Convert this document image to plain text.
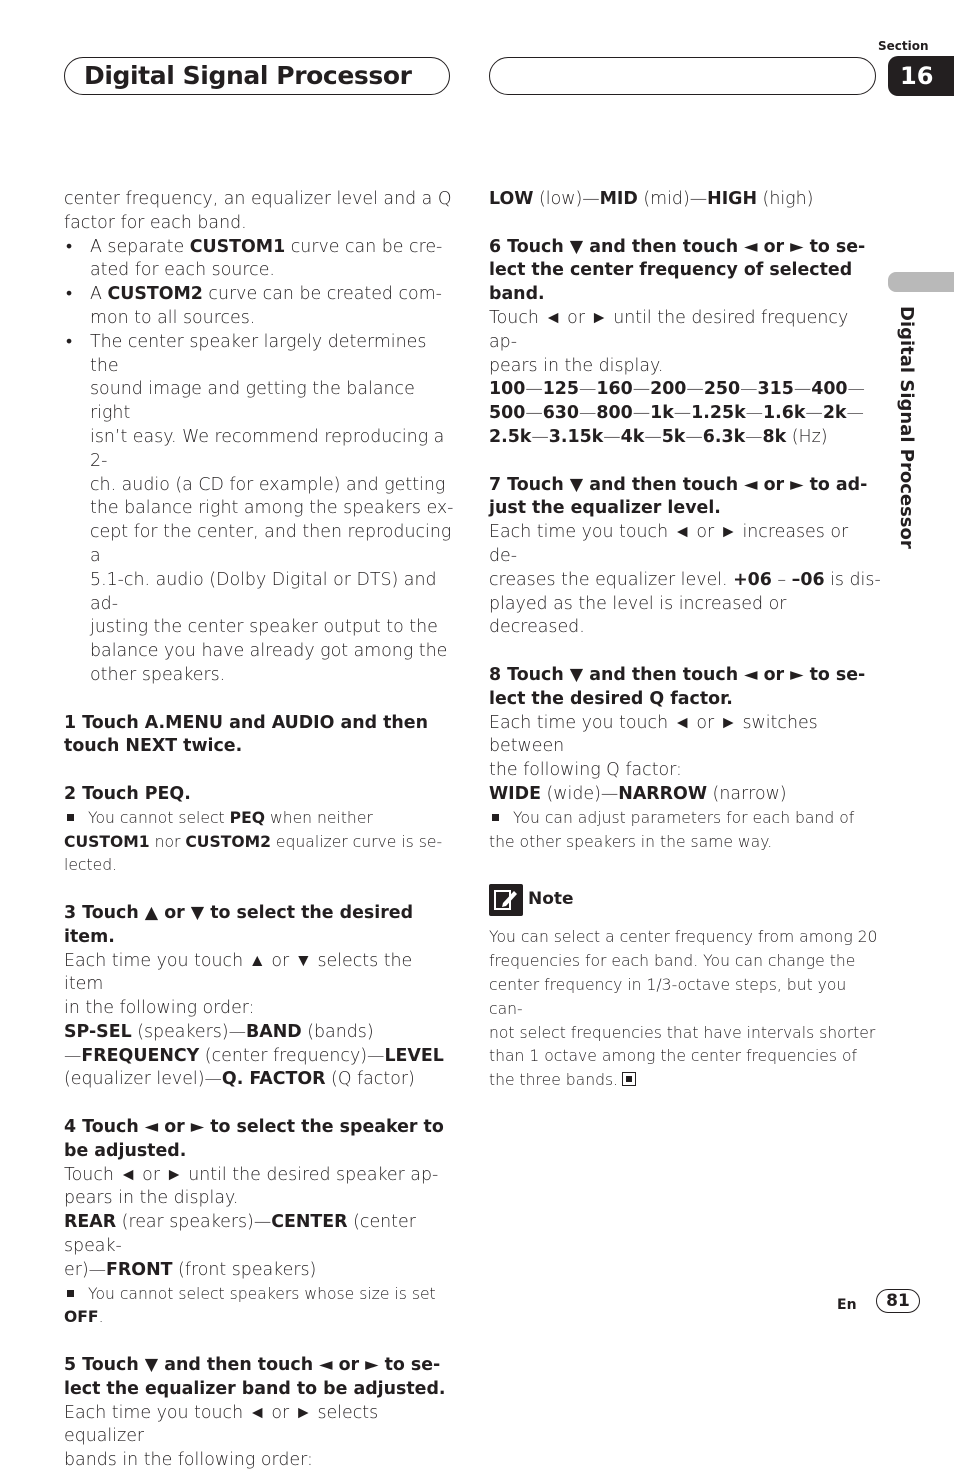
Digital Signal Processor
Section
16
Digital Signal Processor

center frequency, an equalizer level and a Q

factor for each band.

• A separate CUSTOM1 curve can be cre-
ated for each source.
• A CUSTOM2 curve can be created com-
mon to all sources.
• The center speaker largely determines the
sound image and getting the balance right
isn’t easy. We recommend reproducing a 2-
ch. audio (a CD for example) and getting
the balance right among the speakers ex-
cept for the center, and then reproducing a
5.1-ch. audio (Dolby Digital or DTS) and ad-
justing the center speaker output to the
balance you have already got among the
other speakers.

1 Touch A.MENU and AUDIO and then

touch NEXT twice.

2 Touch PEQ.

You cannot select PEQ when neither

CUSTOM1 nor CUSTOM2 equalizer curve is se-

lected.

3 Touch ▲ or ▼ to select the desired item.

Each time you touch ▲ or ▼ selects the item

in the following order:

SP-SEL (speakers)—BAND (bands)

—FREQUENCY (center frequency)—LEVEL

(equalizer level)—Q. FACTOR (Q factor)

4 Touch ◄ or ► to select the speaker to

be adjusted.

Touch ◄ or ► until the desired speaker ap-

pears in the display.

REAR (rear speakers)—CENTER (center speak-

er)—FRONT (front speakers)

You cannot select speakers whose size is set

OFF.

5 Touch ▼ and then touch ◄ or ► to se-

lect the equalizer band to be adjusted.

Each time you touch ◄ or ► selects equalizer

bands in the following order:

LOW (low)—MID (mid)—HIGH (high)

6 Touch ▼ and then touch ◄ or ► to se-

lect the center frequency of selected band.

Touch ◄ or ► until the desired frequency ap-

pears in the display.

100—125—160—200—250—315—400—

500—630—800—1k—1.25k—1.6k—2k—

2.5k—3.15k—4k—5k—6.3k—8k (Hz)

7 Touch ▼ and then touch ◄ or ► to ad-

just the equalizer level.

Each time you touch ◄ or ► increases or de-

creases the equalizer level. +06 – –06 is dis-

played as the level is increased or decreased.

8 Touch ▼ and then touch ◄ or ► to se-

lect the desired Q factor.

Each time you touch ◄ or ► switches between

the following Q factor:

WIDE (wide)—NARROW (narrow)

You can adjust parameters for each band of

the other speakers in the same way.

Note

You can select a center frequency from among 20

frequencies for each band. You can change the

center frequency in 1/3-octave steps, but you can-

not select frequencies that have intervals shorter

than 1 octave among the center frequencies of

the three bands.

En	81
